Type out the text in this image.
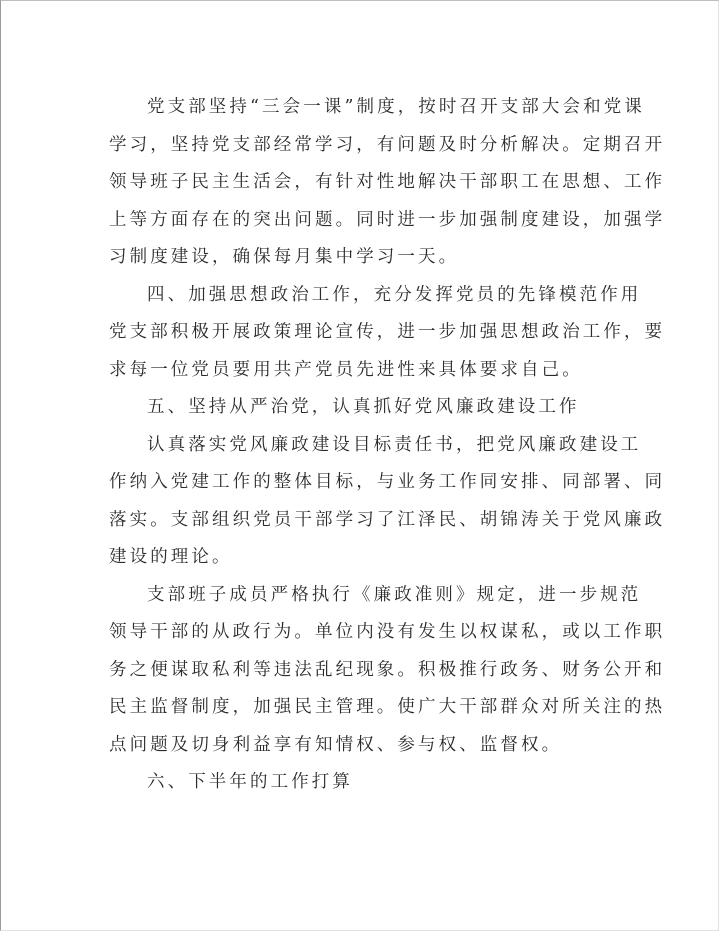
党支部坚持“三会一课”制度，按时召开支部大会和党课
学习，坚持党支部经常学习，有问题及时分析解决。定期召开
领导班子民主生活会，有针对性地解决干部职工在思想、工作
上等方面存在的突出问题。同时进一步加强制度建设，加强学
习制度建设，确保每月集中学习一天。

四、加强思想政治工作，充分发挥党员的先锋模范作用

党支部积极开展政策理论宣传，进一步加强思想政治工作，要
求每一位党员要用共产党员先进性来具体要求自己。

五、坚持从严治党，认真抓好党风廉政建设工作

认真落实党风廉政建设目标责任书，把党风廉政建设工
作纳入党建工作的整体目标，与业务工作同安排、同部署、同
落实。支部组织党员干部学习了江泽民、胡锦涛关于党风廉政
建设的理论。

支部班子成员严格执行《廉政准则》规定，进一步规范
领导干部的从政行为。单位内没有发生以权谋私，或以工作职
务之便谋取私利等违法乱纪现象。积极推行政务、财务公开和
民主监督制度，加强民主管理。使广大干部群众对所关注的热
点问题及切身利益享有知情权、参与权、监督权。

六、下半年的工作打算
